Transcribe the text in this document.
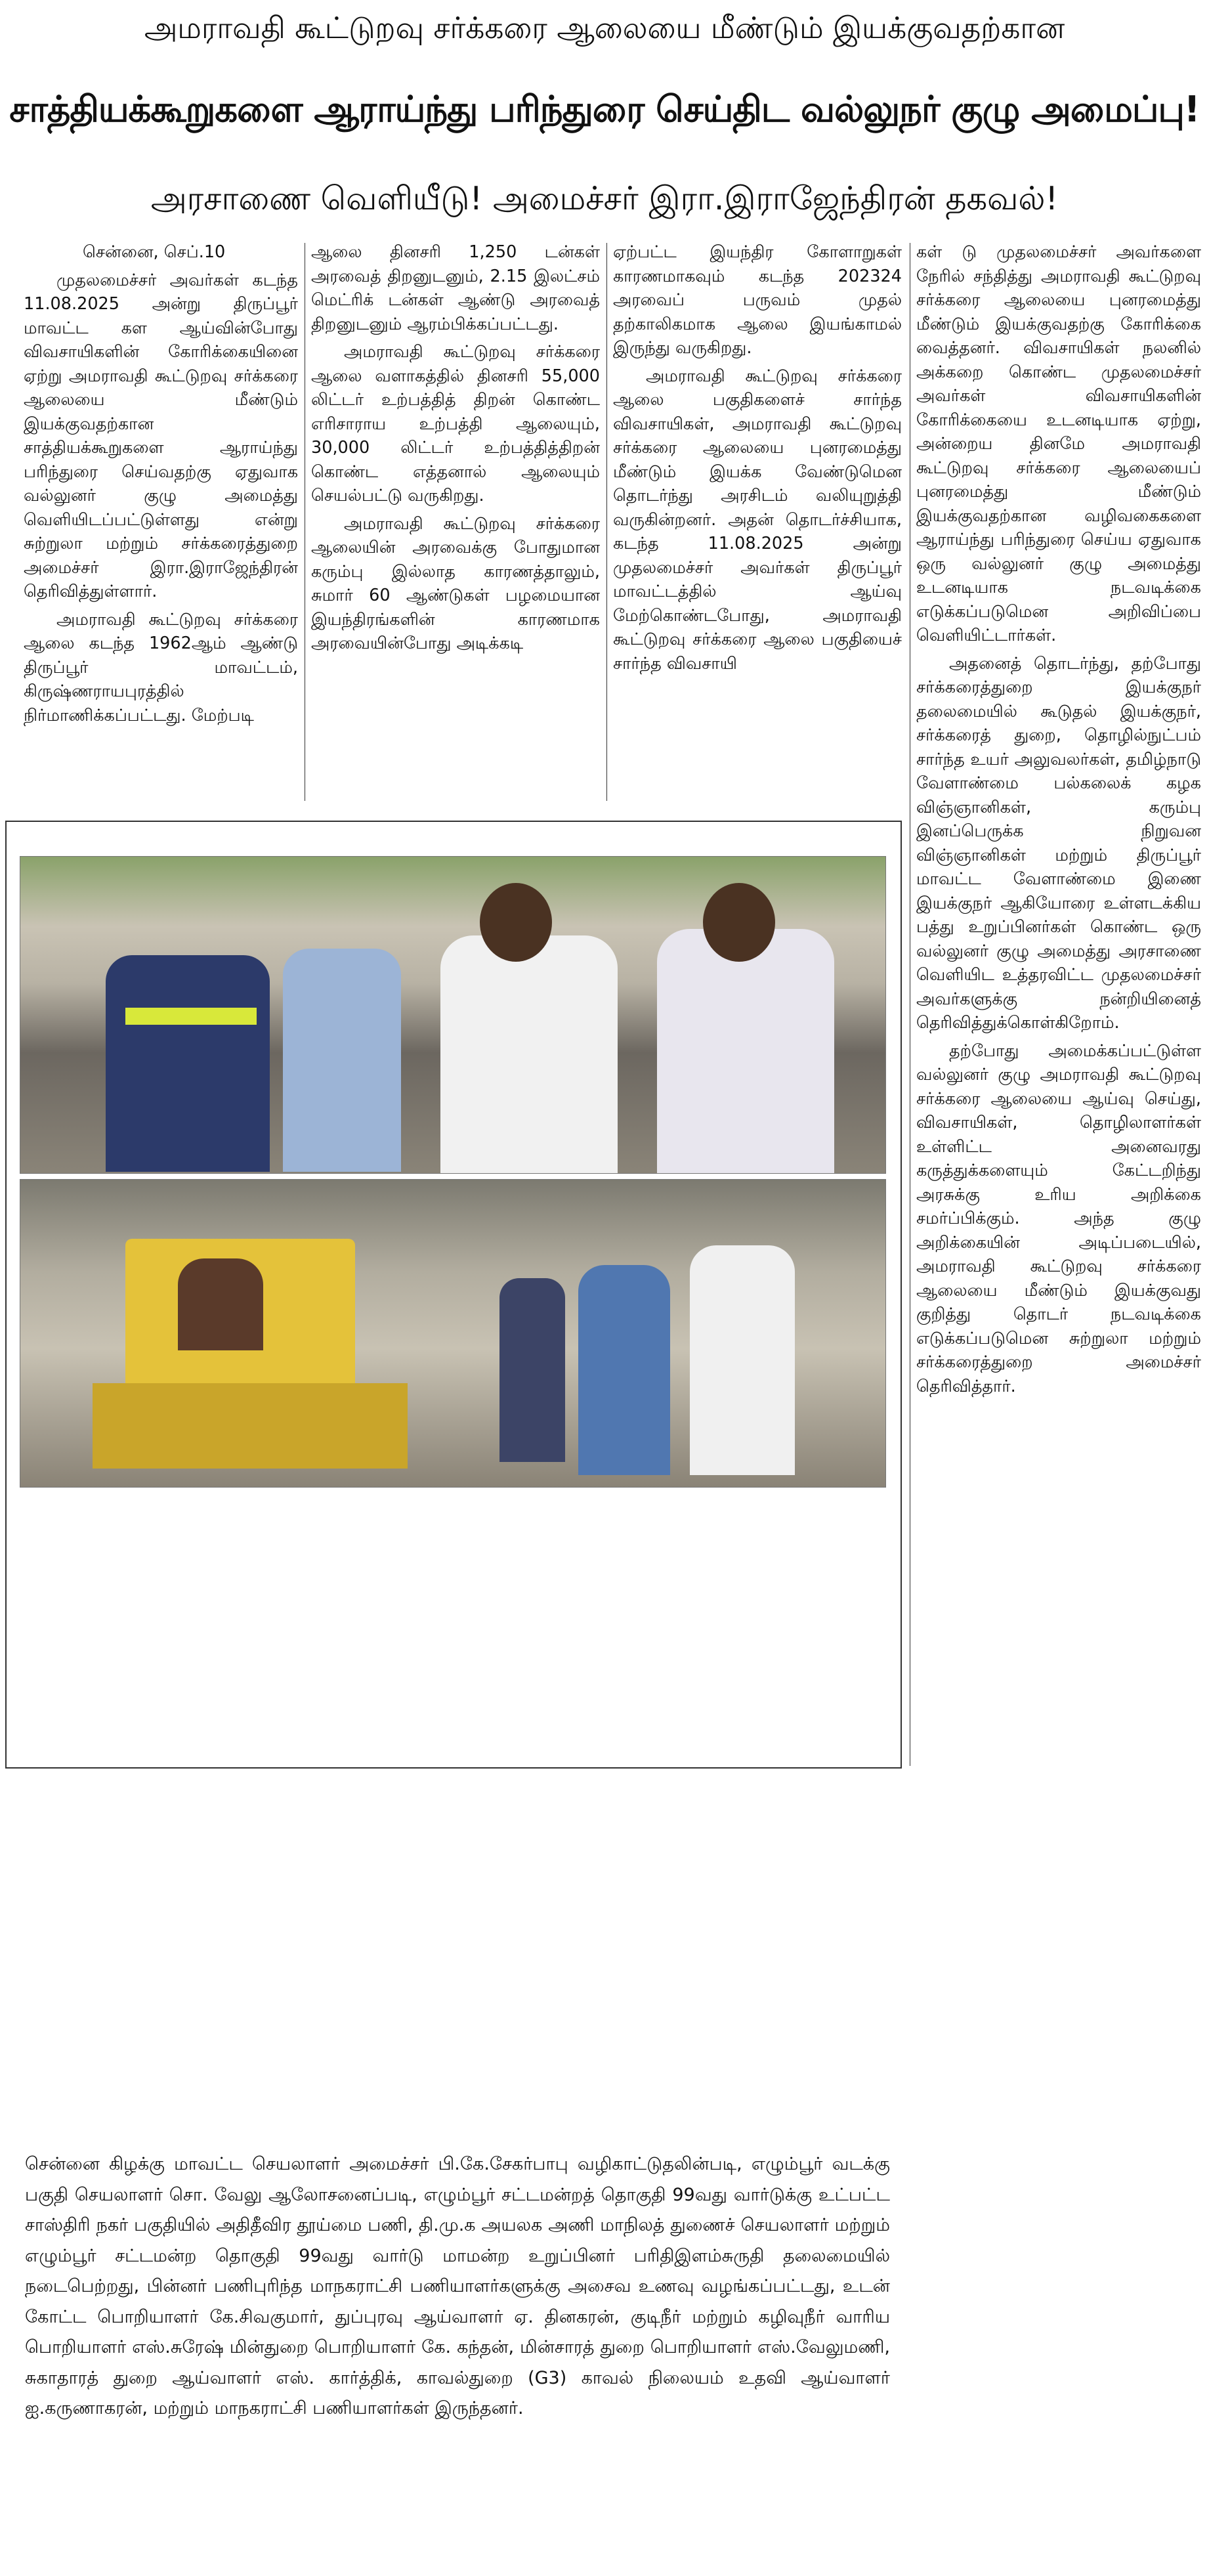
அமராவதி கூட்டுறவு சர்க்கரை ஆலையை மீண்டும் இயக்குவதற்கான
சாத்தியக்கூறுகளை ஆராய்ந்து பரிந்துரை செய்திட வல்லுநர் குழு அமைப்பு!
அரசாணை வெளியீடு! அமைச்சர் இரா.இராஜேந்திரன் தகவல்!

சென்னை, செப்.10

முதலமைச்சர் அவர்கள் கடந்த 11.08.2025 அன்று திருப்பூர் மாவட்ட கள ஆய்வின்போது விவசாயிகளின் கோரிக்கையினை ஏற்று அமராவதி கூட்டுறவு சர்க்கரை ஆலையை மீண்டும் இயக்குவதற்கான சாத்தியக்கூறுகளை ஆராய்ந்து பரிந்துரை செய்வதற்கு ஏதுவாக வல்லுனர் குழு அமைத்து வெளியிடப்பட்டுள்ளது என்று சுற்றுலா மற்றும் சர்க்கரைத்துறை அமைச்சர் இரா.இராஜேந்திரன் தெரிவித்துள்ளார்.

அமராவதி கூட்டுறவு சர்க்கரை ஆலை கடந்த 1962ஆம் ஆண்டு திருப்பூர் மாவட்டம், கிருஷ்ணராயபுரத்தில் நிர்மாணிக்கப்பட்டது. மேற்படி

ஆலை தினசரி 1,250 டன்கள் அரவைத் திறனுடனும், 2.15 இலட்சம் மெட்ரிக் டன்கள் ஆண்டு அரவைத் திறனுடனும் ஆரம்பிக்கப்பட்டது.

அமராவதி கூட்டுறவு சர்க்கரை ஆலை வளாகத்தில் தினசரி 55,000 லிட்டர் உற்பத்தித் திறன் கொண்ட எரிசாராய உற்பத்தி ஆலையும், 30,000 லிட்டர் உற்பத்தித்திறன் கொண்ட எத்தனால் ஆலையும் செயல்பட்டு வருகிறது.

அமராவதி கூட்டுறவு சர்க்கரை ஆலையின் அரவைக்கு போதுமான கரும்பு இல்லாத காரணத்தாலும், சுமார் 60 ஆண்டுகள் பழமையான இயந்திரங்களின் காரணமாக அரவையின்போது அடிக்கடி

ஏற்பட்ட இயந்திர கோளாறுகள் காரணமாகவும் கடந்த 202324 அரவைப் பருவம் முதல் தற்காலிகமாக ஆலை இயங்காமல் இருந்து வருகிறது.

அமராவதி கூட்டுறவு சர்க்கரை ஆலை பகுதிகளைச் சார்ந்த விவசாயிகள், அமராவதி கூட்டுறவு சர்க்கரை ஆலையை புனரமைத்து மீண்டும் இயக்க வேண்டுமென தொடர்ந்து அரசிடம் வலியுறுத்தி வருகின்றனர். அதன் தொடர்ச்சியாக, கடந்த 11.08.2025 அன்று முதலமைச்சர் அவர்கள் திருப்பூர் மாவட்டத்தில் ஆய்வு மேற்கொண்டபோது, அமராவதி கூட்டுறவு சர்க்கரை ஆலை பகுதியைச் சார்ந்த விவசாயி

கள் டு முதலமைச்சர் அவர்களை நேரில் சந்தித்து அமராவதி கூட்டுறவு சர்க்கரை ஆலையை புனரமைத்து மீண்டும் இயக்குவதற்கு கோரிக்கை வைத்தனர். விவசாயிகள் நலனில் அக்கறை கொண்ட முதலமைச்சர் அவர்கள் விவசாயிகளின் கோரிக்கையை உடனடியாக ஏற்று, அன்றைய தினமே அமராவதி கூட்டுறவு சர்க்கரை ஆலையைப் புனரமைத்து மீண்டும் இயக்குவதற்கான வழிவகைகளை ஆராய்ந்து பரிந்துரை செய்ய ஏதுவாக ஒரு வல்லுனர் குழு அமைத்து உடனடியாக நடவடிக்கை எடுக்கப்படுமென அறிவிப்பை வெளியிட்டார்கள்.

அதனைத் தொடர்ந்து, தற்போது சர்க்கரைத்துறை இயக்குநர் தலைமையில் கூடுதல் இயக்குநர், சர்க்கரைத் துறை, தொழில்நுட்பம் சார்ந்த உயர் அலுவலர்கள், தமிழ்நாடு வேளாண்மை பல்கலைக் கழக விஞ்ஞானிகள், கரும்பு இனப்பெருக்க நிறுவன விஞ்ஞானிகள் மற்றும் திருப்பூர் மாவட்ட வேளாண்மை இணை இயக்குநர் ஆகியோரை உள்ளடக்கிய பத்து உறுப்பினர்கள் கொண்ட ஒரு வல்லுனர் குழு அமைத்து அரசாணை வெளியிட உத்தரவிட்ட முதலமைச்சர் அவர்களுக்கு நன்றியினைத் தெரிவித்துக்கொள்கிறோம்.

தற்போது அமைக்கப்பட்டுள்ள வல்லுனர் குழு அமராவதி கூட்டுறவு சர்க்கரை ஆலையை ஆய்வு செய்து, விவசாயிகள், தொழிலாளர்கள் உள்ளிட்ட அனைவரது கருத்துக்களையும் கேட்டறிந்து அரசுக்கு உரிய அறிக்கை சமர்ப்பிக்கும். அந்த குழு அறிக்கையின் அடிப்படையில், அமராவதி கூட்டுறவு சர்க்கரை ஆலையை மீண்டும் இயக்குவது குறித்து தொடர் நடவடிக்கை எடுக்கப்படுமென சுற்றுலா மற்றும் சர்க்கரைத்துறை அமைச்சர் தெரிவித்தார்.

சென்னை கிழக்கு மாவட்ட செயலாளர் அமைச்சர் பி.கே.சேகர்பாபு வழிகாட்டுதலின்படி, எழும்பூர் வடக்கு பகுதி செயலாளர் சொ. வேலு ஆலோசனைப்படி, எழும்பூர் சட்டமன்றத் தொகுதி 99வது வார்டுக்கு உட்பட்ட சாஸ்திரி நகர் பகுதியில் அதிதீவிர தூய்மை பணி, தி.மு.க அயலக அணி மாநிலத் துணைச் செயலாளர் மற்றும் எழும்பூர் சட்டமன்ற தொகுதி 99வது வார்டு மாமன்ற உறுப்பினர் பரிதிஇளம்சுருதி தலைமையில் நடைபெற்றது, பின்னர் பணிபுரிந்த மாநகராட்சி பணியாளர்களுக்கு அசைவ உணவு வழங்கப்பட்டது, உடன் கோட்ட பொறியாளர் கே.சிவகுமார், துப்புரவு ஆய்வாளர் ஏ. தினகரன், குடிநீர் மற்றும் கழிவுநீர் வாரிய பொறியாளர் எஸ்.சுரேஷ் மின்துறை பொறியாளர் கே. கந்தன், மின்சாரத் துறை பொறியாளர் எஸ்.வேலுமணி, சுகாதாரத் துறை ஆய்வாளர் எஸ். கார்த்திக், காவல்துறை (G3) காவல் நிலையம் உதவி ஆய்வாளர் ஐ.கருணாகரன், மற்றும் மாநகராட்சி பணியாளர்கள் இருந்தனர்.
